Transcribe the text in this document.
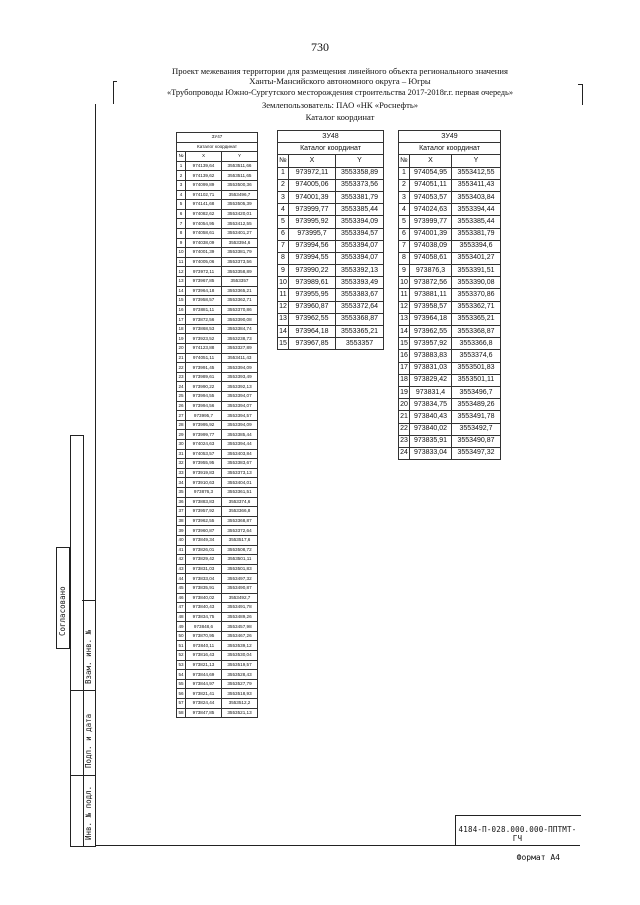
730
Проект межевания территории для размещения линейного объекта регионального значения
Ханты-Мансийского автономного округа – Югры
«Трубопроводы Южно-Сургутского месторождения строительства 2017-2018г.г. первая очередь»
Землепользователь: ПАО «НК «Роснефть»
Каталог координат
Согласовано
Взам. инв. №
Подп. и дата
Инв. № подл.
ЗУ47		
Каталог координат		
№	X	Y
1	974139,64	3553511,66
2	974139,62	3553511,65
3	974099,89	3553500,36
4	974102,71	3553496,7
5	974141,68	3553505,39
6	974082,62	3553420,01
7	974054,95	3553412,55
8	974058,61	3553401,27
9	974038,09	3553394,6
10	974001,39	3553381,79
11	974005,06	3553373,56
12	973972,11	3553358,89
13	973967,85	3553357
14	973964,18	3553365,21
15	973958,57	3553362,71
16	973881,11	3553370,86
17	973872,56	3553390,08
18	973868,53	3553384,74
19	973923,52	3553238,73
20	974123,88	3553327,89
21	974051,11	3553411,43
22	973991,45	3553394,09
23	973989,61	3553393,49
24	973990,22	3553392,13
25	973994,55	3553394,07
26	973994,56	3553394,07
27	973995,7	3553394,57
28	973995,92	3553394,09
29	973999,77	3553385,44
30	974024,63	3553394,44
31	974053,57	3553403,84
32	973955,95	3553383,67
33	973919,83	3553373,13
34	973910,63	3553404,01
35	973876,3	3553361,51
36	973883,83	3553374,6
37	973957,92	3553366,8
38	973962,55	3553368,87
39	973960,87	3553372,64
40	973849,34	3553517,6
41	973826,01	3553508,72
42	973829,42	3553501,11
43	973831,03	3553501,83
44	973833,04	3553497,32
45	973835,91	3553490,87
46	973840,02	3553492,7
47	973840,43	3553491,78
48	973834,75	3553489,26
49	973848,6	3553457,98
50	973870,95	3553467,26
51	973840,11	3553539,12
52	973816,43	3553530,04
53	973821,13	3553519,57
54	973844,69	3553528,43
55	973844,97	3553527,79
56	973821,41	3553518,93
57	973824,44	3553512,2
58	973847,85	3553521,13
ЗУ48		
Каталог координат		
№	X	Y
1	973972,11	3553358,89
2	974005,06	3553373,56
3	974001,39	3553381,79
4	973999,77	3553385,44
5	973995,92	3553394,09
6	973995,7	3553394,57
7	973994,56	3553394,07
8	973994,55	3553394,07
9	973990,22	3553392,13
10	973989,61	3553393,49
11	973955,95	3553383,67
12	973960,87	3553372,64
13	973962,55	3553368,87
14	973964,18	3553365,21
15	973967,85	3553357
ЗУ49		
Каталог координат		
№	X	Y
1	974054,95	3553412,55
2	974051,11	3553411,43
3	974053,57	3553403,84
4	974024,63	3553394,44
5	973999,77	3553385,44
6	974001,39	3553381,79
7	974038,09	3553394,6
8	974058,61	3553401,27
9	973876,3	3553391,51
10	973872,56	3553390,08
11	973881,11	3553370,86
12	973958,57	3553362,71
13	973964,18	3553365,21
14	973962,55	3553368,87
15	973957,92	3553366,8
16	973883,83	3553374,6
17	973831,03	3553501,83
18	973829,42	3553501,11
19	973831,4	3553496,7
20	973834,75	3553489,26
21	973840,43	3553491,78
22	973840,02	3553492,7
23	973835,91	3553490,87
24	973833,04	3553497,32
4184-П-028.000.000-ППТМТ-ГЧ
Формат А4
